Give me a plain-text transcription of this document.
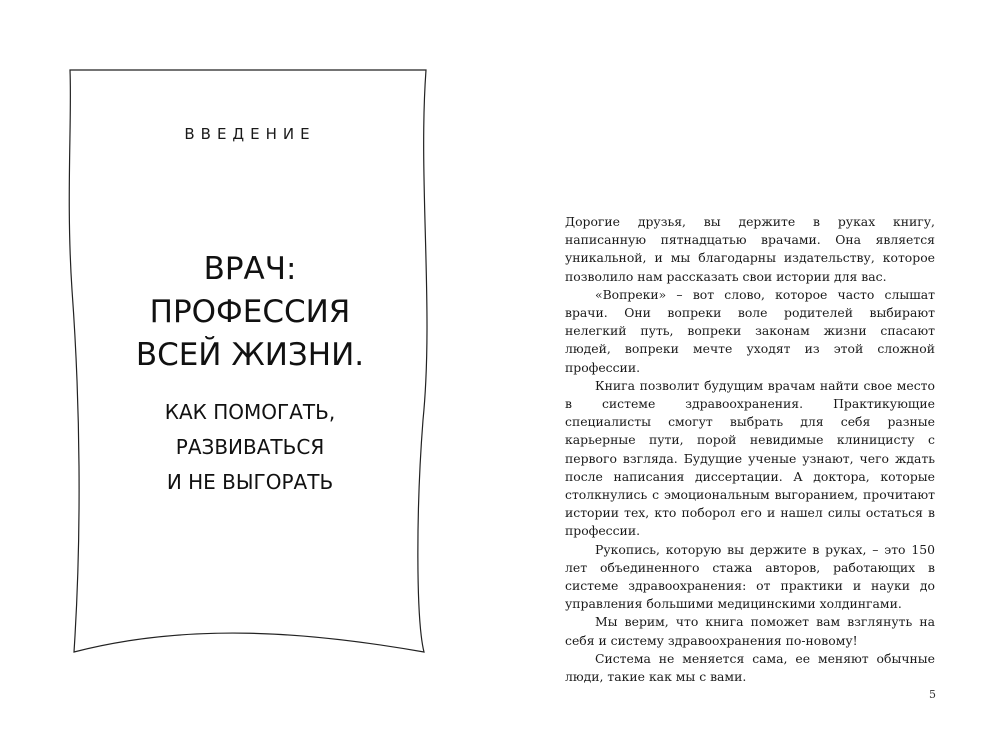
ВВЕДЕНИЕ
ВРАЧ:
ПРОФЕССИЯ
ВСЕЙ ЖИЗНИ.
КАК ПОМОГАТЬ,
РАЗВИВАТЬСЯ
И НЕ ВЫГОРАТЬ

Дорогие друзья, вы держите в руках книгу, написанную пятнадцатью врачами. Она является уникальной, и мы благодарны издательству, которое позволило нам рассказать свои истории для вас.

«Вопреки» – вот слово, которое часто слышат врачи. Они вопреки воле родителей выбирают нелегкий путь, вопреки законам жизни спасают людей, вопреки мечте уходят из этой сложной профессии.

Книга позволит будущим врачам найти свое место в системе здравоохранения. Практикующие специалисты смогут выбрать для себя разные карьерные пути, порой невидимые клиницисту с первого взгляда. Будущие ученые узнают, чего ждать после написания диссертации. А доктора, которые столкнулись с эмоциональным выгоранием, прочитают истории тех, кто поборол его и нашел силы остаться в профессии.

Рукопись, которую вы держите в руках, – это 150 лет объединенного стажа авторов, работающих в системе здравоохранения: от практики и науки до управления большими медицинскими холдингами.

Мы верим, что книга поможет вам взглянуть на себя и систему здравоохранения по-новому!

Система не меняется сама, ее меняют обычные люди, такие как мы с вами.

5
